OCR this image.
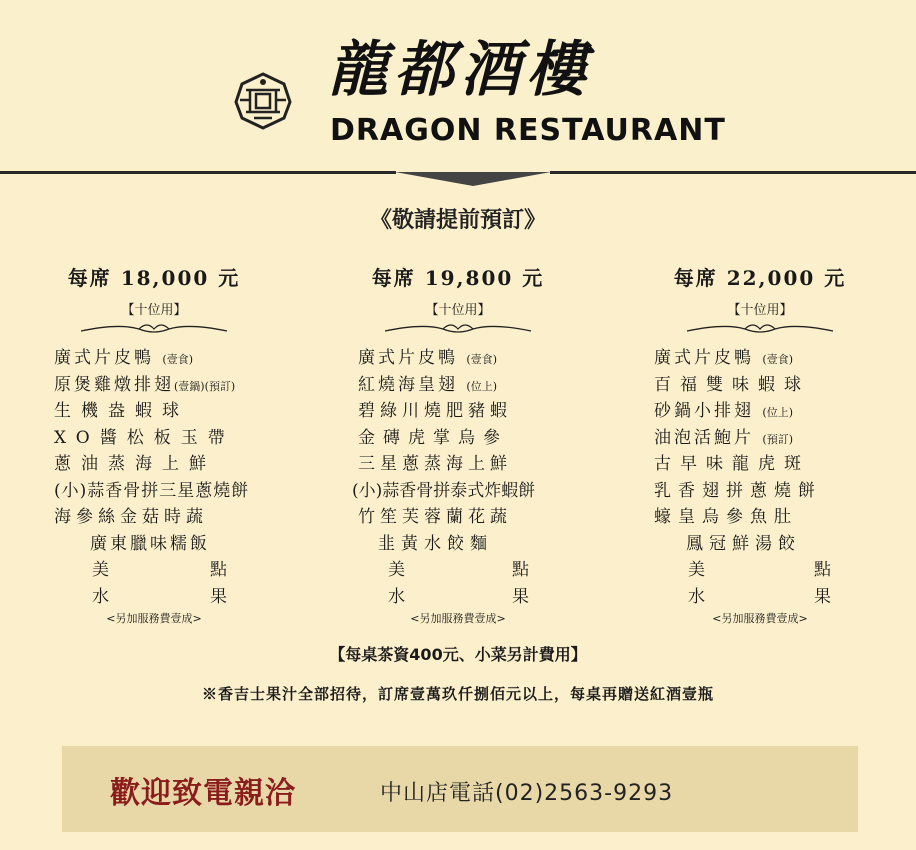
龍都酒樓
DRAGON RESTAURANT
《敬請提前預訂》
每席 18,000 元
【十位用】
廣式片皮鴨 (壹食)
原煲雞燉排翅(壹鍋)(預訂)
生機盎蝦球
XO醬松板玉帶
蔥油蒸海上鮮
(小)蒜香骨拼三星蔥燒餅
海參絲金菇時蔬
廣東臘味糯飯
美	點
水	果
<另加服務費壹成>
每席 19,800 元
【十位用】
廣式片皮鴨 (壹食)
紅燒海皇翅 (位上)
碧綠川燒肥豬蝦
金磚虎掌烏參
三星蔥蒸海上鮮
(小)蒜香骨拼泰式炸蝦餅
竹笙芙蓉蘭花蔬
韭黃水餃麵
美	點
水	果
<另加服務費壹成>
每席 22,000 元
【十位用】
廣式片皮鴨 (壹食)
百福雙味蝦球
砂鍋小排翅 (位上)
油泡活鮑片 (預訂)
古早味龍虎斑
乳香翅拼蔥燒餅
蠔皇烏參魚肚
鳳冠鮮湯餃
美	點
水	果
<另加服務費壹成>
【每桌茶資400元、小菜另計費用】
※香吉士果汁全部招待，訂席壹萬玖仟捌佰元以上，每桌再贈送紅酒壹瓶
歡迎致電親洽	中山店電話(02)2563-9293
